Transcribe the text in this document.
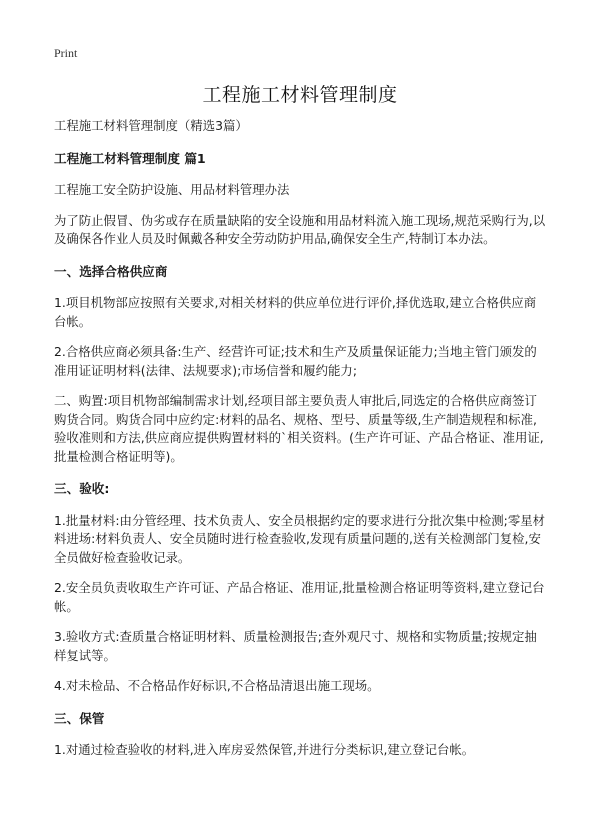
Print
工程施工材料管理制度

工程施工材料管理制度（精选3篇）

工程施工材料管理制度 篇1

工程施工安全防护设施、用品材料管理办法

为了防止假冒、伪劣或存在质量缺陷的安全设施和用品材料流入施工现场,规范采购行为,以及确保各作业人员及时佩戴各种安全劳动防护用品,确保安全生产,特制订本办法。

一、选择合格供应商

1.项目机物部应按照有关要求,对相关材料的供应单位进行评价,择优选取,建立合格供应商台帐。

2.合格供应商必须具备:生产、经营许可证;技术和生产及质量保证能力;当地主管门颁发的准用证证明材料(法律、法规要求);市场信誉和履约能力;

二、购置:项目机物部编制需求计划,经项目部主要负责人审批后,同选定的合格供应商签订购货合同。购货合同中应约定:材料的品名、规格、型号、质量等级,生产制造规程和标准,验收准则和方法,供应商应提供购置材料的`相关资料。(生产许可证、产品合格证、准用证,批量检测合格证明等)。

三、验收:

1.批量材料:由分管经理、技术负责人、安全员根据约定的要求进行分批次集中检测;零星材料进场:材料负责人、安全员随时进行检查验收,发现有质量问题的,送有关检测部门复检,安全员做好检查验收记录。

2.安全员负责收取生产许可证、产品合格证、准用证,批量检测合格证明等资料,建立登记台帐。

3.验收方式:查质量合格证明材料、质量检测报告;查外观尺寸、规格和实物质量;按规定抽样复试等。

4.对未检品、不合格品作好标识,不合格品清退出施工现场。

三、保管

1.对通过检查验收的材料,进入库房妥然保管,并进行分类标识,建立登记台帐。
